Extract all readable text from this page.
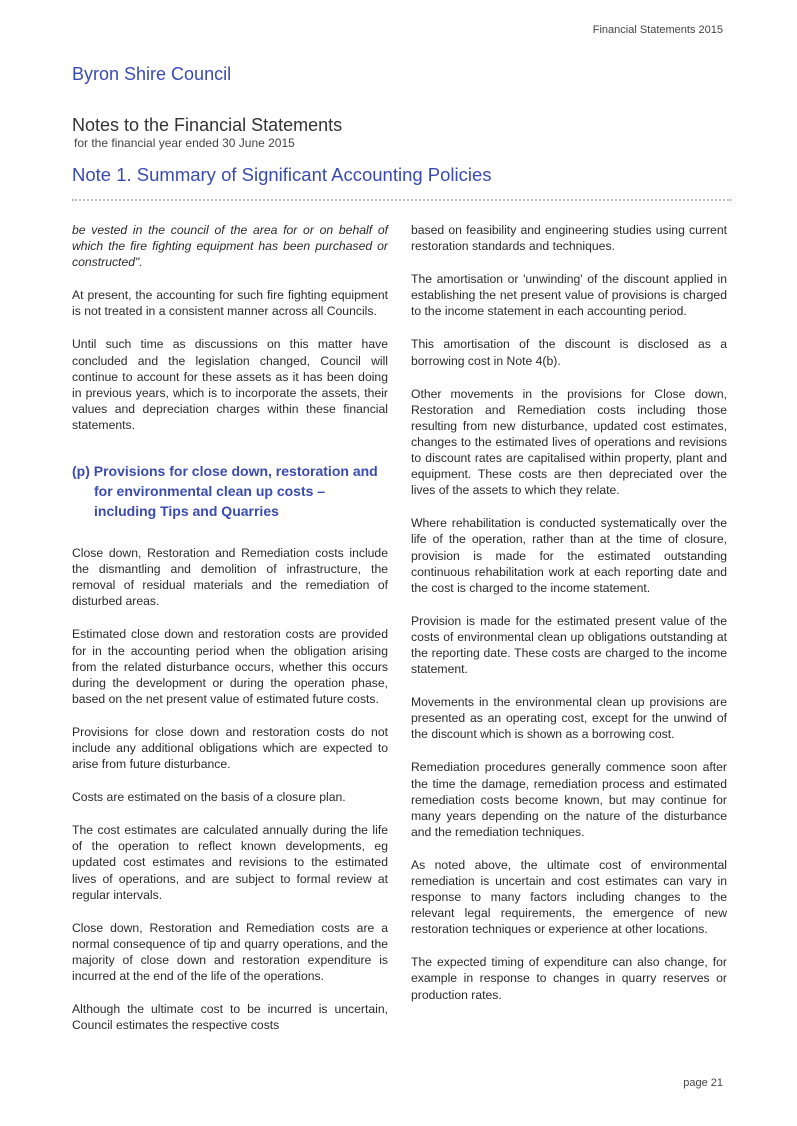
Financial Statements 2015
Byron Shire Council
Notes to the Financial Statements
for the financial year ended 30 June 2015
Note 1. Summary of Significant Accounting Policies

be vested in the council of the area for or on behalf of which the fire fighting equipment has been purchased or constructed".

At present, the accounting for such fire fighting equipment is not treated in a consistent manner across all Councils.

Until such time as discussions on this matter have concluded and the legislation changed, Council will continue to account for these assets as it has been doing in previous years, which is to incorporate the assets, their values and depreciation charges within these financial statements.

(p) Provisions for close down, restoration and for environmental clean up costs – including Tips and Quarries

Close down, Restoration and Remediation costs include the dismantling and demolition of infrastructure, the removal of residual materials and the remediation of disturbed areas.

Estimated close down and restoration costs are provided for in the accounting period when the obligation arising from the related disturbance occurs, whether this occurs during the development or during the operation phase, based on the net present value of estimated future costs.

Provisions for close down and restoration costs do not include any additional obligations which are expected to arise from future disturbance.

Costs are estimated on the basis of a closure plan.

The cost estimates are calculated annually during the life of the operation to reflect known developments, eg updated cost estimates and revisions to the estimated lives of operations, and are subject to formal review at regular intervals.

Close down, Restoration and Remediation costs are a normal consequence of tip and quarry operations, and the majority of close down and restoration expenditure is incurred at the end of the life of the operations.

Although the ultimate cost to be incurred is uncertain, Council estimates the respective costs

based on feasibility and engineering studies using current restoration standards and techniques.

The amortisation or 'unwinding' of the discount applied in establishing the net present value of provisions is charged to the income statement in each accounting period.

This amortisation of the discount is disclosed as a borrowing cost in Note 4(b).

Other movements in the provisions for Close down, Restoration and Remediation costs including those resulting from new disturbance, updated cost estimates, changes to the estimated lives of operations and revisions to discount rates are capitalised within property, plant and equipment. These costs are then depreciated over the lives of the assets to which they relate.

Where rehabilitation is conducted systematically over the life of the operation, rather than at the time of closure, provision is made for the estimated outstanding continuous rehabilitation work at each reporting date and the cost is charged to the income statement.

Provision is made for the estimated present value of the costs of environmental clean up obligations outstanding at the reporting date. These costs are charged to the income statement.

Movements in the environmental clean up provisions are presented as an operating cost, except for the unwind of the discount which is shown as a borrowing cost.

Remediation procedures generally commence soon after the time the damage, remediation process and estimated remediation costs become known, but may continue for many years depending on the nature of the disturbance and the remediation techniques.

As noted above, the ultimate cost of environmental remediation is uncertain and cost estimates can vary in response to many factors including changes to the relevant legal requirements, the emergence of new restoration techniques or experience at other locations.

The expected timing of expenditure can also change, for example in response to changes in quarry reserves or production rates.

page 21
